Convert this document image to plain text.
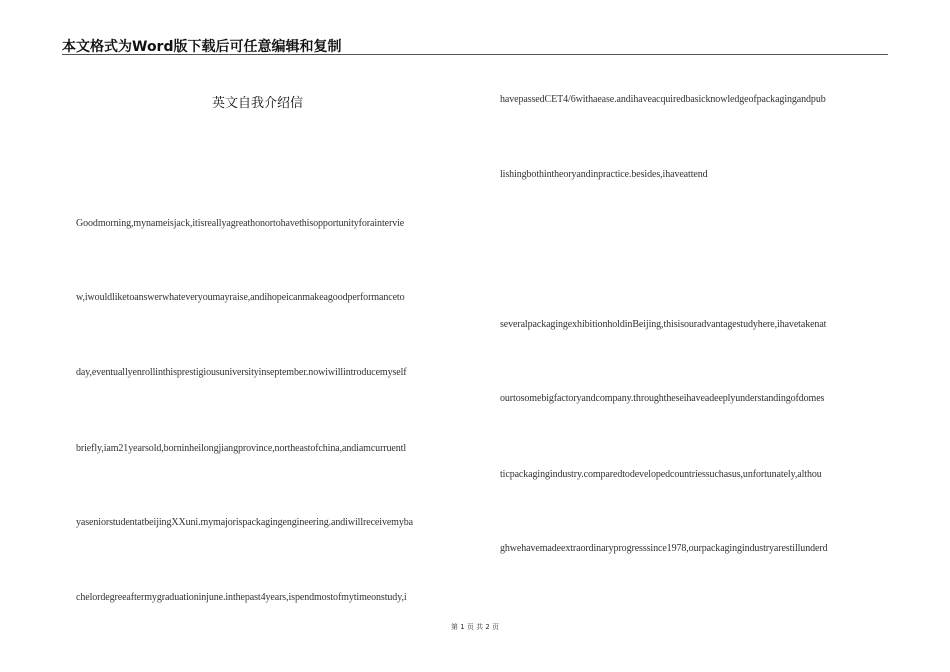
本文格式为Word版下载后可任意编辑和复制
英文自我介绍信
Goodmorning,mynameisjack,itisreallyagreathonortohavethisopportunityforaintervie
w,iwouldliketoanswerwhateveryoumayraise,andihopeicanmakeagoodperformanceto
day,eventuallyenrollinthisprestigiousuniversityinseptember.nowiwillintroducemyself
briefly,iam21yearsold,borninheilongjiangprovince,northeastofchina,andiamcurruentl
yaseniorstudentatbeijingXXuni.mymajorispackagingengineering.andiwillreceivemyba
chelordegreeaftermygraduationinjune.inthepast4years,ispendmostofmytimeonstudy,i
havepassedCET4/6withaease.andihaveacquiredbasicknowledgeofpackagingandpub
lishingbothintheoryandinpractice.besides,ihaveattend
severalpackagingexhibitionholdinBeijing,thisisouradvantagestudyhere,ihavetakenat
ourtosomebigfactoryandcompany.throughtheseihaveadeeplyunderstandingofdomes
ticpackagingindustry.comparedtodevelopedcountriessuchasus,unfortunately,althou
ghwehavemadeextraordinaryprogresssince1978,ourpackagingindustryarestillunderd
第 1 页 共 2 页
